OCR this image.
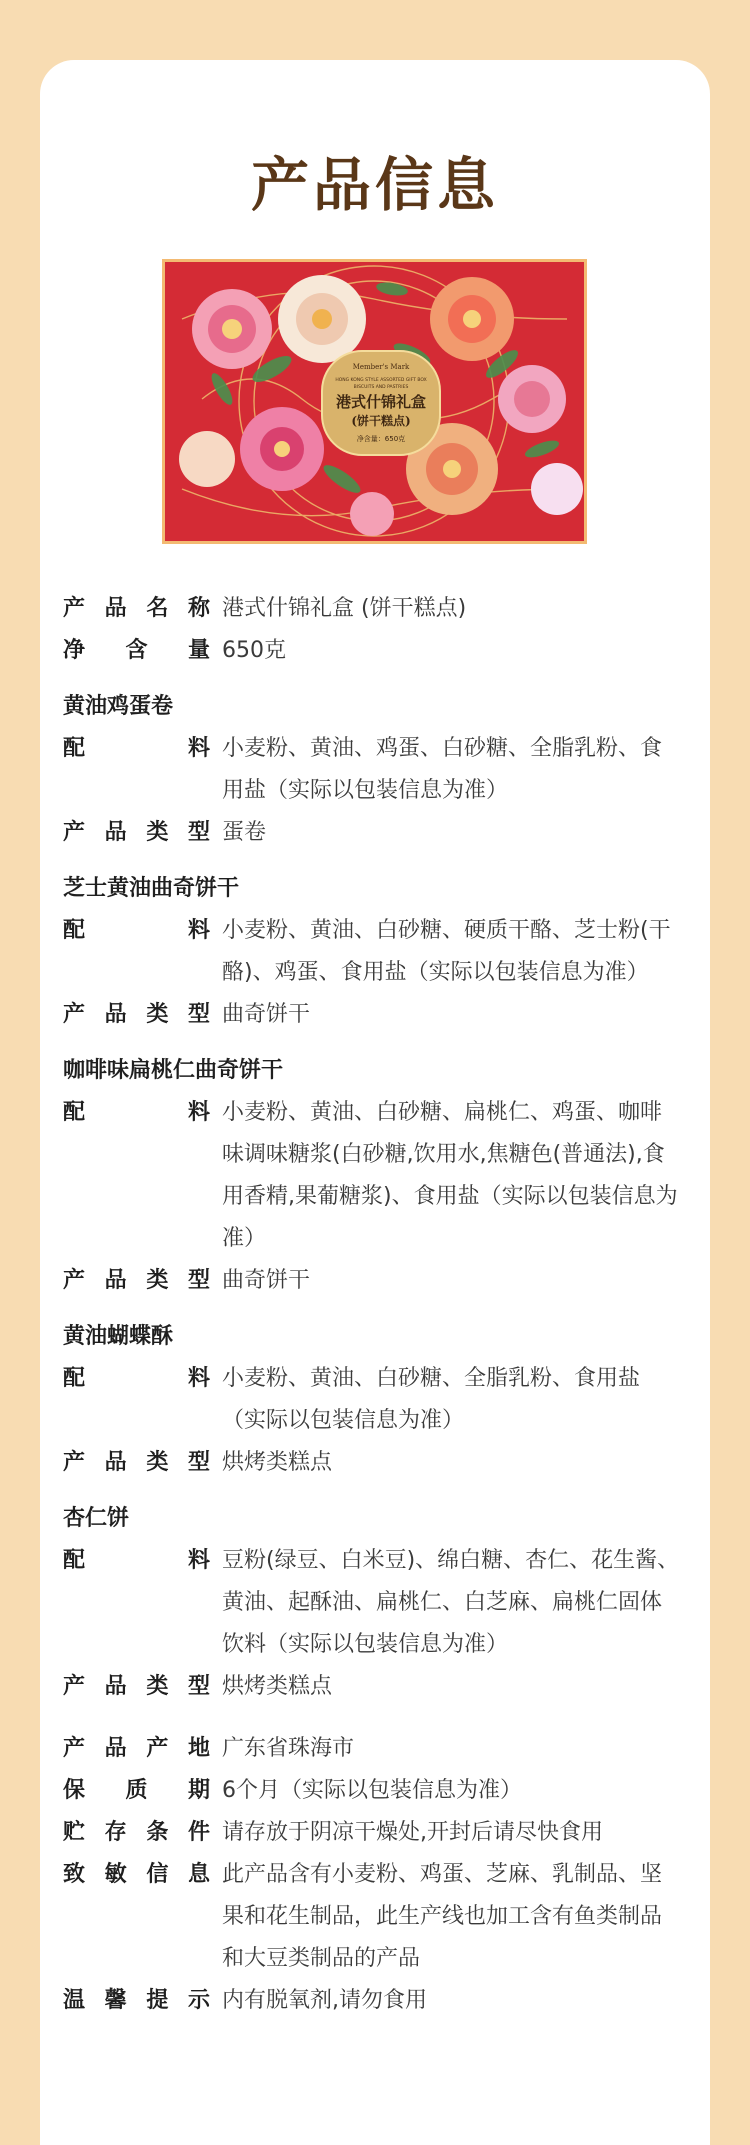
产品信息
Member's Mark
HONG KONG STYLE ASSORTED GIFT BOX
BISCUITS AND PASTRIES
港式什锦礼盒
(饼干糕点)
净含量：650克
产品名称 港式什锦礼盒 (饼干糕点)
净含量 650克
黄油鸡蛋卷
配料 小麦粉、黄油、鸡蛋、白砂糖、全脂乳粉、食用盐（实际以包装信息为准）
产品类型 蛋卷
芝士黄油曲奇饼干
配料 小麦粉、黄油、白砂糖、硬质干酪、芝士粉(干酪)、鸡蛋、食用盐（实际以包装信息为准）
产品类型 曲奇饼干
咖啡味扁桃仁曲奇饼干
配料 小麦粉、黄油、白砂糖、扁桃仁、鸡蛋、咖啡味调味糖浆(白砂糖,饮用水,焦糖色(普通法),食用香精,果葡糖浆)、食用盐（实际以包装信息为准）
产品类型 曲奇饼干
黄油蝴蝶酥
配料 小麦粉、黄油、白砂糖、全脂乳粉、食用盐（实际以包装信息为准）
产品类型 烘烤类糕点
杏仁饼
配料 豆粉(绿豆、白米豆)、绵白糖、杏仁、花生酱、黄油、起酥油、扁桃仁、白芝麻、扁桃仁固体饮料（实际以包装信息为准）
产品类型 烘烤类糕点
产品产地 广东省珠海市
保质期 6个月（实际以包装信息为准）
贮存条件 请存放于阴凉干燥处,开封后请尽快食用
致敏信息 此产品含有小麦粉、鸡蛋、芝麻、乳制品、坚果和花生制品，此生产线也加工含有鱼类制品和大豆类制品的产品
温馨提示 内有脱氧剂,请勿食用
